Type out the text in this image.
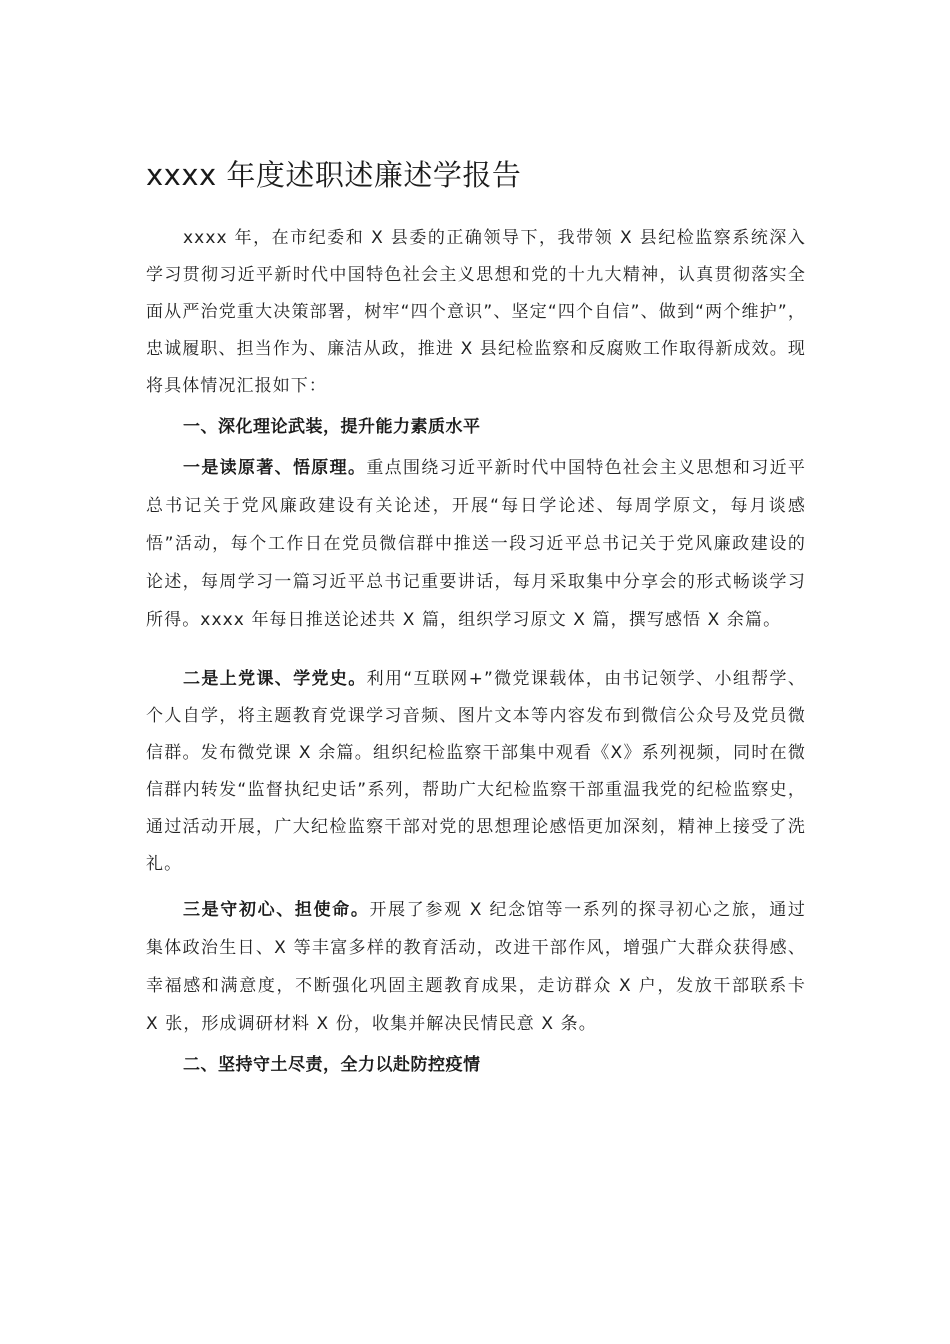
xxxx 年度述职述廉述学报告

xxxx 年，在市纪委和 X 县委的正确领导下，我带领 X 县纪检监察系统深入学习贯彻习近平新时代中国特色社会主义思想和党的十九大精神，认真贯彻落实全面从严治党重大决策部署，树牢“四个意识”、坚定“四个自信”、做到“两个维护”，忠诚履职、担当作为、廉洁从政，推进 X 县纪检监察和反腐败工作取得新成效。现将具体情况汇报如下：

一、深化理论武装，提升能力素质水平

一是读原著、悟原理。重点围绕习近平新时代中国特色社会主义思想和习近平总书记关于党风廉政建设有关论述，开展“每日学论述、每周学原文，每月谈感悟”活动，每个工作日在党员微信群中推送一段习近平总书记关于党风廉政建设的论述，每周学习一篇习近平总书记重要讲话，每月采取集中分享会的形式畅谈学习所得。xxxx 年每日推送论述共 X 篇，组织学习原文 X 篇，撰写感悟 X 余篇。

二是上党课、学党史。利用“互联网+”微党课载体，由书记领学、小组帮学、个人自学，将主题教育党课学习音频、图片文本等内容发布到微信公众号及党员微信群。发布微党课 X 余篇。组织纪检监察干部集中观看《X》系列视频，同时在微信群内转发“监督执纪史话”系列，帮助广大纪检监察干部重温我党的纪检监察史，通过活动开展，广大纪检监察干部对党的思想理论感悟更加深刻，精神上接受了洗礼。

三是守初心、担使命。开展了参观 X 纪念馆等一系列的探寻初心之旅，通过集体政治生日、X 等丰富多样的教育活动，改进干部作风，增强广大群众获得感、幸福感和满意度，不断强化巩固主题教育成果，走访群众 X 户，发放干部联系卡 X 张，形成调研材料 X 份，收集并解决民情民意 X 条。

二、坚持守土尽责，全力以赴防控疫情
